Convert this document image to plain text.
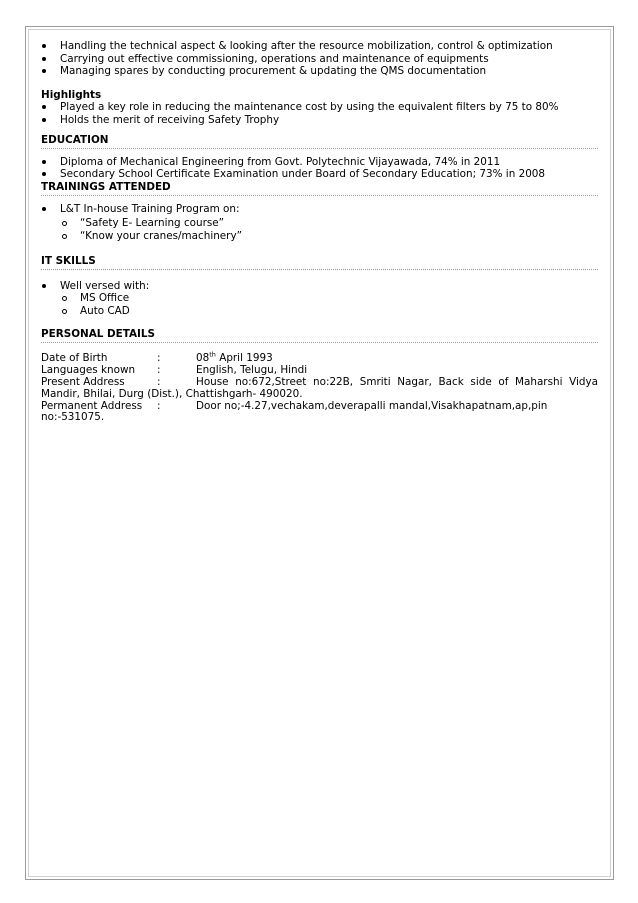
Handling the technical aspect & looking after the resource mobilization, control & optimization
Carrying out effective commissioning, operations and maintenance of equipments
Managing spares by conducting procurement & updating the QMS documentation
Highlights
Played a key role in reducing the maintenance cost by using the equivalent filters by 75 to 80%
Holds the merit of receiving Safety Trophy
EDUCATION
Diploma of Mechanical Engineering from Govt. Polytechnic Vijayawada, 74% in 2011
Secondary School Certificate Examination under Board of Secondary Education; 73% in 2008
TRAININGS ATTENDED
L&T In-house Training Program on:
“Safety E- Learning course”
“Know your cranes/machinery”
IT SKILLS
Well versed with:
MS Office
Auto CAD
PERSONAL DETAILS
Date of Birth	:	08th April 1993
Languages known :	English, Telugu, Hindi
Present Address	:	House no:672,Street no:22B, Smriti Nagar, Back side of Maharshi Vidya Mandir, Bhilai, Durg (Dist.), Chattishgarh- 490020.
Permanent Address :	Door no;-4.27,vechakam,deverapalli mandal,Visakhapatnam,ap,pin no:-531075.
